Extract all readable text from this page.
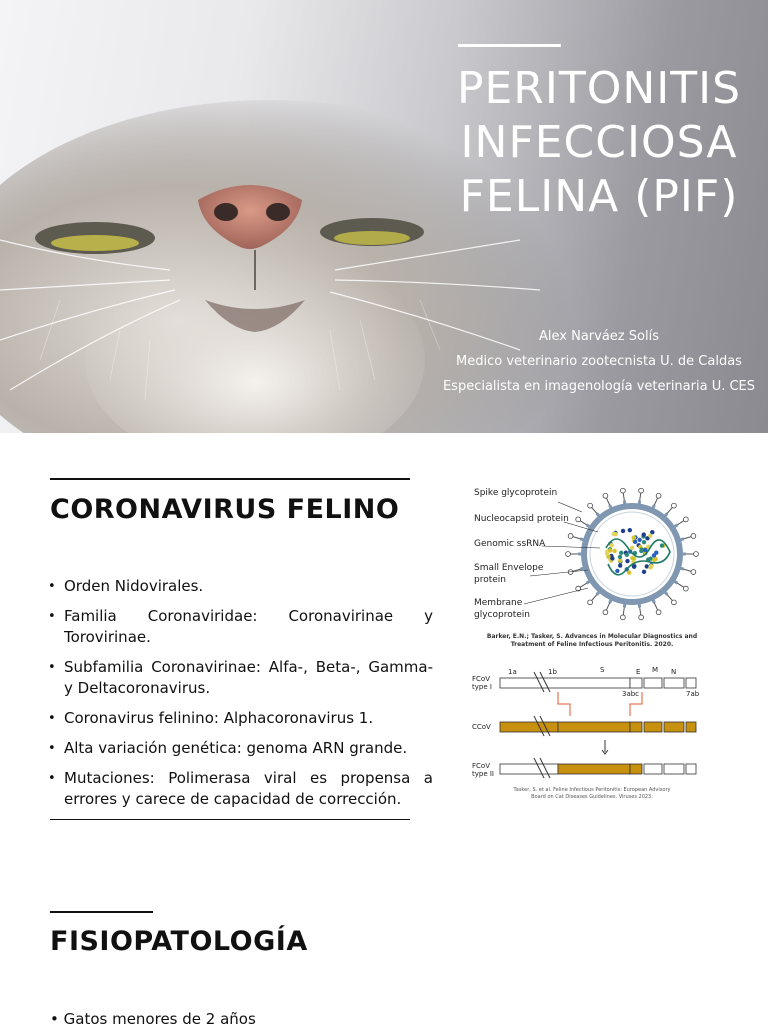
PERITONITIS
INFECCIOSA
FELINA (PIF)
Alex Narváez Solís
Medico veterinario zootecnista U. de Caldas
Especialista en imagenología veterinaria U. CES
CORONAVIRUS FELINO
• Orden Nidovirales.
• Familia Coronaviridae: Coronavirinae y Torovirinae.
• Subfamilia Coronavirinae: Alfa-, Beta-, Gamma- y Deltacoronavirus.
• Coronavirus felinino: Alphacoronavirus 1.
• Alta variación genética: genoma ARN grande.
• Mutaciones: Polimerasa viral es propensa a errores y carece de capacidad de corrección.
Spike glycoprotein
Nucleocapsid protein
Genomic ssRNA
Small Envelope
protein
Membrane
glycoprotein
Barker, E.N.; Tasker, S. Advances in Molecular Diagnostics and
Treatment of Feline Infectious Peritonitis. 2020.
FCoV
type I
CCoV
FCoV
type II
1a	1b	S	E M N
3abc	7ab
Tasker, S. et al. Feline Infectious Peritonitis: European Advisory
Board on Cat Diseases Guidelines. Viruses 2023.
FISIOPATOLOGÍA
• Gatos menores de 2 años
